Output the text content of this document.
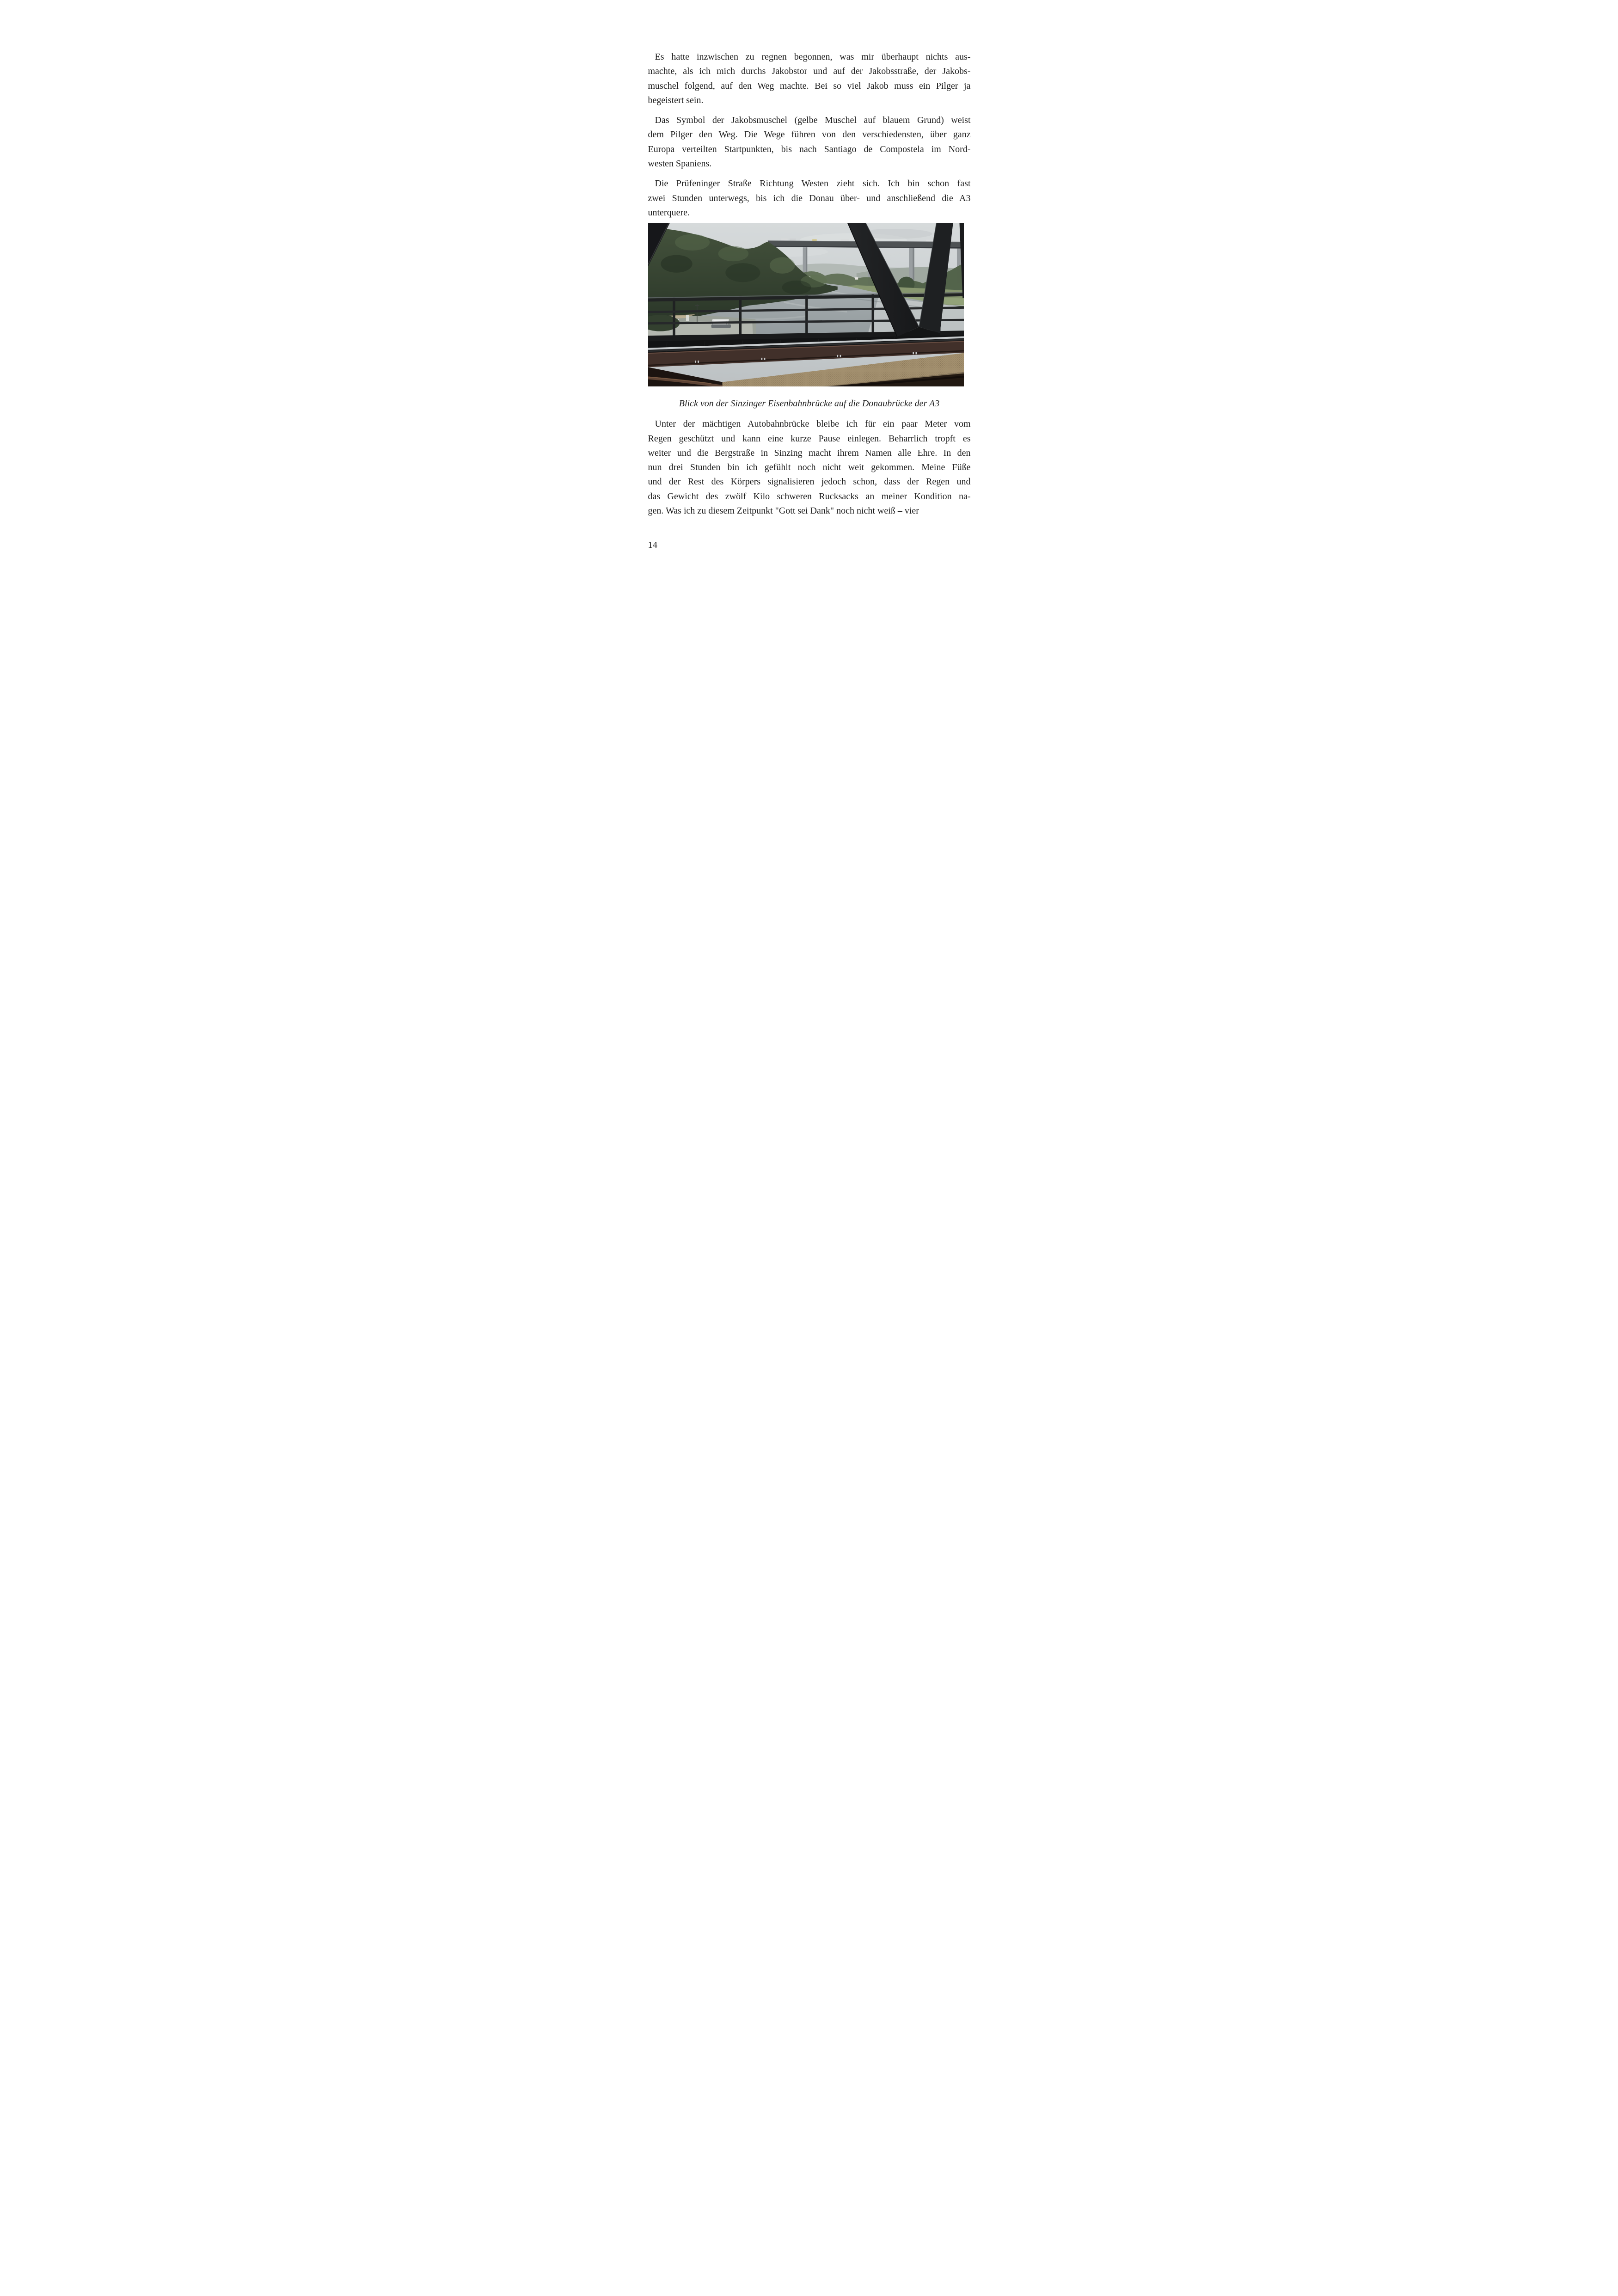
Es hatte inzwischen zu regnen begonnen, was mir überhaupt nichts aus-
machte, als ich mich durchs Jakobstor und auf der Jakobsstraße, der Jakobs-
muschel folgend, auf den Weg machte. Bei so viel Jakob muss ein Pilger ja
begeistert sein.
Das Symbol der Jakobsmuschel (gelbe Muschel auf blauem Grund) weist
dem Pilger den Weg. Die Wege führen von den verschiedensten, über ganz
Europa verteilten Startpunkten, bis nach Santiago de Compostela im Nord-
westen Spaniens.
Die Prüfeninger Straße Richtung Westen zieht sich. Ich bin schon fast
zwei Stunden unterwegs, bis ich die Donau über- und anschließend die A3
unterquere.
Blick von der Sinzinger Eisenbahnbrücke auf die Donaubrücke der A3
Unter der mächtigen Autobahnbrücke bleibe ich für ein paar Meter vom
Regen geschützt und kann eine kurze Pause einlegen. Beharrlich tropft es
weiter und die Bergstraße in Sinzing macht ihrem Namen alle Ehre. In den
nun drei Stunden bin ich gefühlt noch nicht weit gekommen. Meine Füße
und der Rest des Körpers signalisieren jedoch schon, dass der Regen und
das Gewicht des zwölf Kilo schweren Rucksacks an meiner Kondition na-
gen. Was ich zu diesem Zeitpunkt "Gott sei Dank" noch nicht weiß – vier
14
